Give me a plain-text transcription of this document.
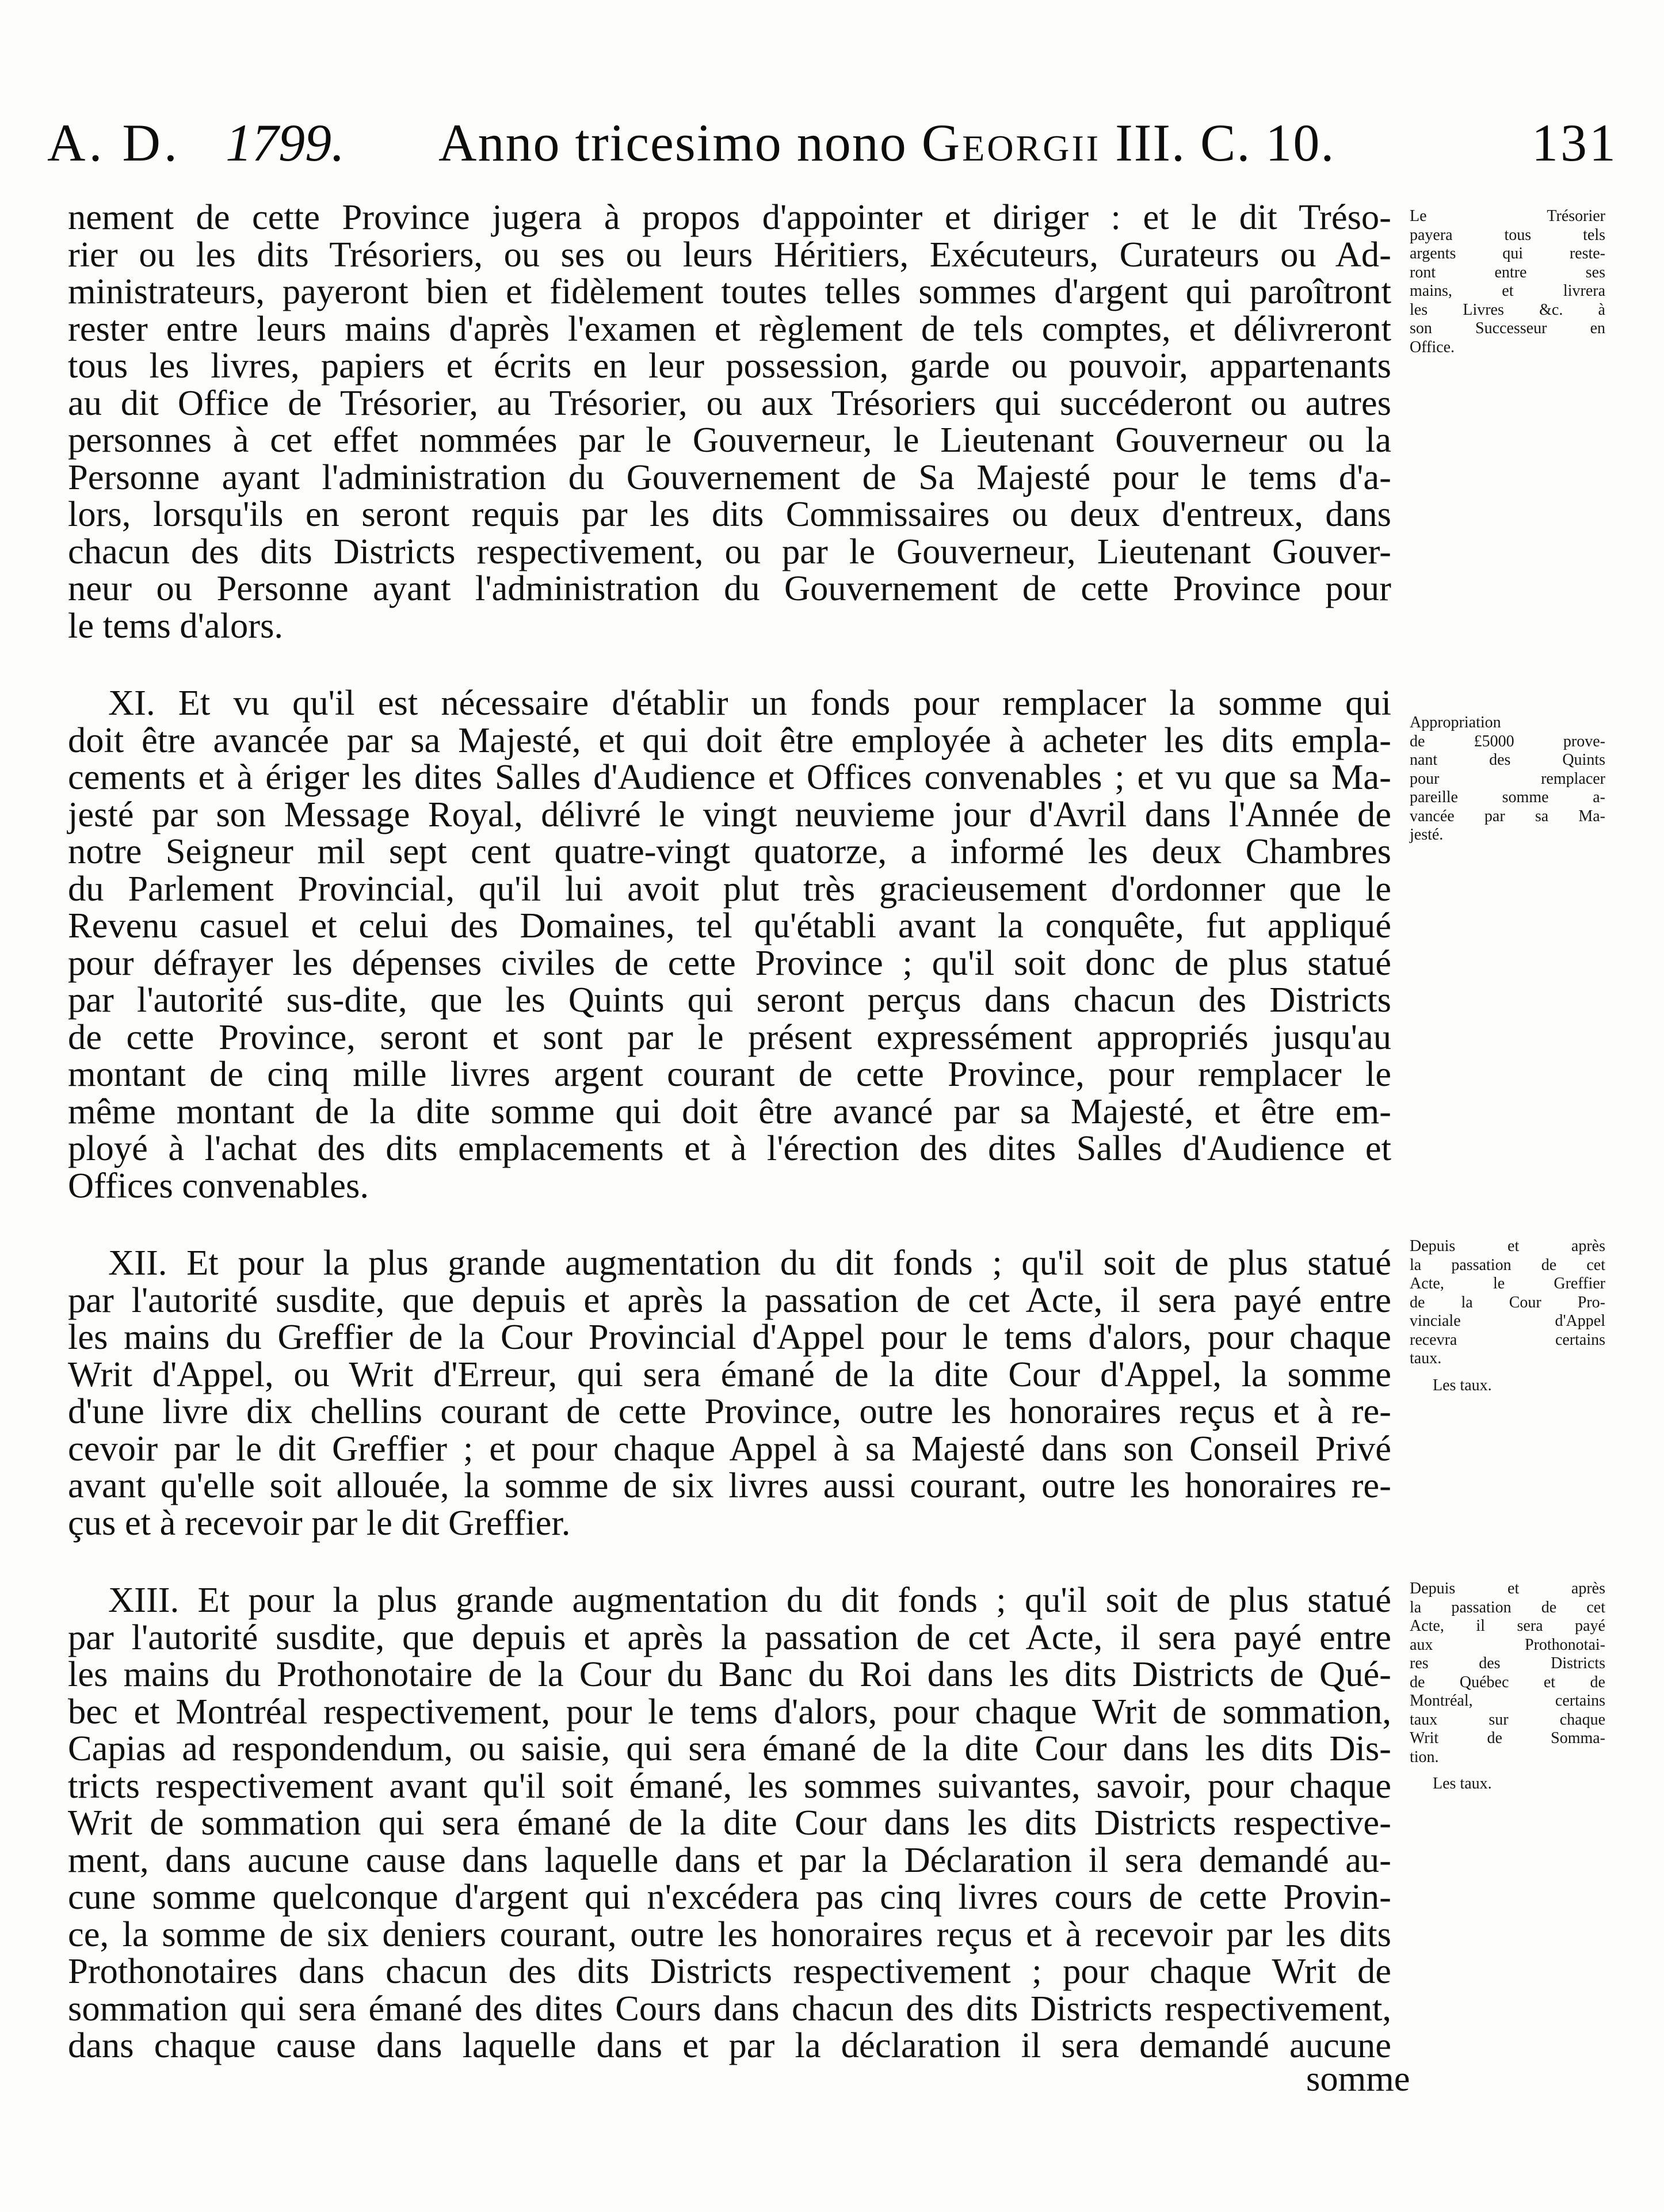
A. D. 1799. Anno tricesimo nono Georgii III. C. 10.	131
nement de cette Province jugera à propos d'appointer et diriger : et le dit Tréso-
rier ou les dits Trésoriers, ou ses ou leurs Héritiers, Exécuteurs, Curateurs ou Ad-
ministrateurs, payeront bien et fidèlement toutes telles sommes d'argent qui paroîtront
rester entre leurs mains d'après l'examen et règlement de tels comptes, et délivreront
tous les livres, papiers et écrits en leur possession, garde ou pouvoir, appartenants
au dit Office de Trésorier, au Trésorier, ou aux Trésoriers qui succéderont ou autres
personnes à cet effet nommées par le Gouverneur, le Lieutenant Gouverneur ou la
Personne ayant l'administration du Gouvernement de Sa Majesté pour le tems d'a-
lors, lorsqu'ils en seront requis par les dits Commissaires ou deux d'entreux, dans
chacun des dits Districts respectivement, ou par le Gouverneur, Lieutenant Gouver-
neur ou Personne ayant l'administration du Gouvernement de cette Province pour
le tems d'alors.
XI. Et vu qu'il est nécessaire d'établir un fonds pour remplacer la somme qui
doit être avancée par sa Majesté, et qui doit être employée à acheter les dits empla-
cements et à ériger les dites Salles d'Audience et Offices convenables ; et vu que sa Ma-
jesté par son Message Royal, délivré le vingt neuvieme jour d'Avril dans l'Année de
notre Seigneur mil sept cent quatre-vingt quatorze, a informé les deux Chambres
du Parlement Provincial, qu'il lui avoit plut très gracieusement d'ordonner que le
Revenu casuel et celui des Domaines, tel qu'établi avant la conquête, fut appliqué
pour défrayer les dépenses civiles de cette Province ; qu'il soit donc de plus statué
par l'autorité sus-dite, que les Quints qui seront perçus dans chacun des Districts
de cette Province, seront et sont par le présent expressément appropriés jusqu'au
montant de cinq mille livres argent courant de cette Province, pour remplacer le
même montant de la dite somme qui doit être avancé par sa Majesté, et être em-
ployé à l'achat des dits emplacements et à l'érection des dites Salles d'Audience et
Offices convenables.
XII. Et pour la plus grande augmentation du dit fonds ; qu'il soit de plus statué
par l'autorité susdite, que depuis et après la passation de cet Acte, il sera payé entre
les mains du Greffier de la Cour Provincial d'Appel pour le tems d'alors, pour chaque
Writ d'Appel, ou Writ d'Erreur, qui sera émané de la dite Cour d'Appel, la somme
d'une livre dix chellins courant de cette Province, outre les honoraires reçus et à re-
cevoir par le dit Greffier ; et pour chaque Appel à sa Majesté dans son Conseil Privé
avant qu'elle soit allouée, la somme de six livres aussi courant, outre les honoraires re-
çus et à recevoir par le dit Greffier.
XIII. Et pour la plus grande augmentation du dit fonds ; qu'il soit de plus statué
par l'autorité susdite, que depuis et après la passation de cet Acte, il sera payé entre
les mains du Prothonotaire de la Cour du Banc du Roi dans les dits Districts de Qué-
bec et Montréal respectivement, pour le tems d'alors, pour chaque Writ de sommation,
Capias ad respondendum, ou saisie, qui sera émané de la dite Cour dans les dits Dis-
tricts respectivement avant qu'il soit émané, les sommes suivantes, savoir, pour chaque
Writ de sommation qui sera émané de la dite Cour dans les dits Districts respective-
ment, dans aucune cause dans laquelle dans et par la Déclaration il sera demandé au-
cune somme quelconque d'argent qui n'excédera pas cinq livres cours de cette Provin-
ce, la somme de six deniers courant, outre les honoraires reçus et à recevoir par les dits
Prothonotaires dans chacun des dits Districts respectivement ; pour chaque Writ de
sommation qui sera émané des dites Cours dans chacun des dits Districts respectivement,
dans chaque cause dans laquelle dans et par la déclaration il sera demandé aucune
somme
Le Trésorier
payera tous tels
argents qui reste-
ront entre ses
mains, et livrera
les Livres &c. à
son Successeur en
Office.
Appropriation
de £5000 prove-
nant des Quints
pour remplacer
pareille somme a-
vancée par sa Ma-
jesté.
Depuis et après
la passation de cet
Acte, le Greffier
de la Cour Pro-
vinciale d'Appel
recevra certains
taux.
Les taux.
Depuis et après
la passation de cet
Acte, il sera payé
aux Prothonotai-
res des Districts
de Québec et de
Montréal, certains
taux sur chaque
Writ de Somma-
tion.
Les taux.
